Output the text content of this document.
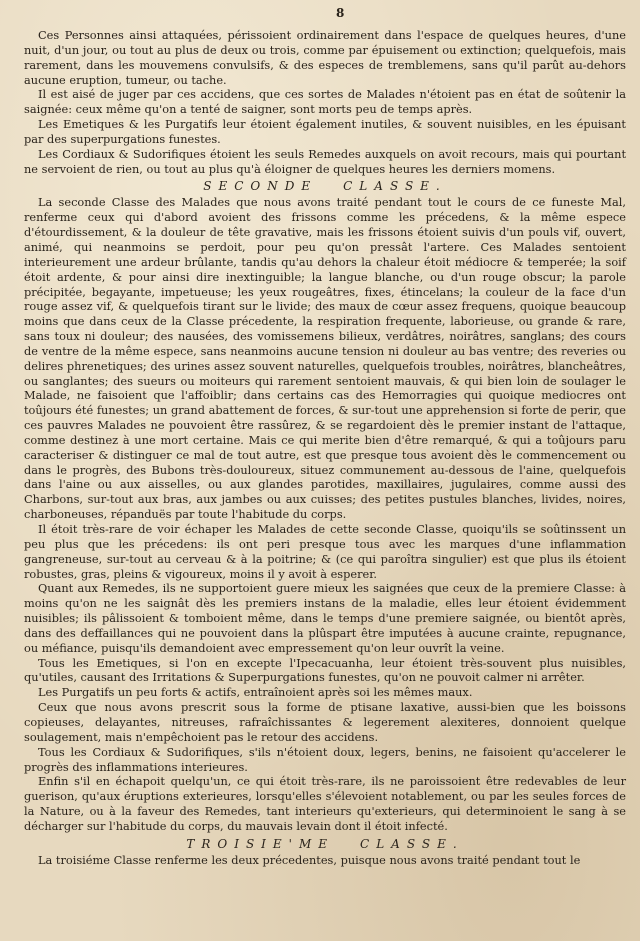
8

Ces Personnes ainsi attaquées, périssoient ordinairement dans l'espace de quelques heures, d'une nuit, d'un jour, ou tout au plus de deux ou trois, comme par épuisement ou extinction; quelquefois, mais rarement, dans les mouvemens convulsifs, & des especes de tremblemens, sans qu'il parût au-dehors aucune eruption, tumeur, ou tache.

Il est aisé de juger par ces accidens, que ces sortes de Malades n'étoient pas en état de soûtenir la saignée: ceux même qu'on a tenté de saigner, sont morts peu de temps après.

Les Emetiques & les Purgatifs leur étoient également inutiles, & souvent nuisibles, en les épuisant par des superpurgations funestes.

Les Cordiaux & Sudorifiques étoient les seuls Remedes auxquels on avoit recours, mais qui pourtant ne servoient de rien, ou tout au plus qu'à éloigner de quelques heures les derniers momens.

SECONDE CLASSE.

La seconde Classe des Malades que nous avons traité pendant tout le cours de ce funeste Mal, renferme ceux qui d'abord avoient des frissons comme les précedens, & la même espece d'étourdissement, & la douleur de tête gravative, mais les frissons étoient suivis d'un pouls vif, ouvert, animé, qui neanmoins se perdoit, pour peu qu'on pressât l'artere. Ces Malades sentoient interieurement une ardeur brûlante, tandis qu'au dehors la chaleur étoit médiocre & temperée; la soif étoit ardente, & pour ainsi dire inextinguible; la langue blanche, ou d'un rouge obscur; la parole précipitée, begayante, impetueuse; les yeux rougeâtres, fixes, étincelans; la couleur de la face d'un rouge assez vif, & quelquefois tirant sur le livide; des maux de cœur assez frequens, quoique beaucoup moins que dans ceux de la Classe précedente, la respiration frequente, laborieuse, ou grande & rare, sans toux ni douleur; des nausées, des vomissemens bilieux, verdâtres, noirâtres, sanglans; des cours de ventre de la même espece, sans neanmoins aucune tension ni douleur au bas ventre; des reveries ou delires phrenetiques; des urines assez souvent naturelles, quelquefois troubles, noirâtres, blancheâtres, ou sanglantes; des sueurs ou moiteurs qui rarement sentoient mauvais, & qui bien loin de soulager le Malade, ne faisoient que l'affoiblir; dans certains cas des Hemorragies qui quoique mediocres ont toûjours été funestes; un grand abattement de forces, & sur-tout une apprehension si forte de perir, que ces pauvres Malades ne pouvoient être rassûrez, & se regardoient dès le premier instant de l'attaque, comme destinez à une mort certaine. Mais ce qui merite bien d'être remarqué, & qui a toûjours paru caracteriser & distinguer ce mal de tout autre, est que presque tous avoient dès le commencement ou dans le progrès, des Bubons très-douloureux, situez communement au-dessous de l'aine, quelquefois dans l'aine ou aux aisselles, ou aux glandes parotides, maxillaires, jugulaires, comme aussi des Charbons, sur-tout aux bras, aux jambes ou aux cuisses; des petites pustules blanches, livides, noires, charboneuses, répanduës par toute l'habitude du corps.

Il étoit très-rare de voir échaper les Malades de cette seconde Classe, quoiqu'ils se soûtinssent un peu plus que les précedens: ils ont peri presque tous avec les marques d'une inflammation gangreneuse, sur-tout au cerveau & à la poitrine; & (ce qui paroîtra singulier) est que plus ils étoient robustes, gras, pleins & vigoureux, moins il y avoit à esperer.

Quant aux Remedes, ils ne supportoient guere mieux les saignées que ceux de la premiere Classe: à moins qu'on ne les saignât dès les premiers instans de la maladie, elles leur étoient évidemment nuisibles; ils pâlissoient & tomboient même, dans le temps d'une premiere saignée, ou bientôt après, dans des deffaillances qui ne pouvoient dans la plûspart être imputées à aucune crainte, repugnance, ou méfiance, puisqu'ils demandoient avec empressement qu'on leur ouvrît la veine.

Tous les Emetiques, si l'on en excepte l'Ipecacuanha, leur étoient très-souvent plus nuisibles, qu'utiles, causant des Irritations & Superpurgations funestes, qu'on ne pouvoit calmer ni arrêter.

Les Purgatifs un peu forts & actifs, entraînoient après soi les mêmes maux.

Ceux que nous avons prescrit sous la forme de ptisane laxative, aussi-bien que les boissons copieuses, delayantes, nitreuses, rafraîchissantes & legerement alexiteres, donnoient quelque soulagement, mais n'empêchoient pas le retour des accidens.

Tous les Cordiaux & Sudorifiques, s'ils n'étoient doux, legers, benins, ne faisoient qu'accelerer le progrès des inflammations interieures.

Enfin s'il en échapoit quelqu'un, ce qui étoit très-rare, ils ne paroissoient être redevables de leur guerison, qu'aux éruptions exterieures, lorsqu'elles s'élevoient notablement, ou par les seules forces de la Nature, ou à la faveur des Remedes, tant interieurs qu'exterieurs, qui determinoient le sang à se décharger sur l'habitude du corps, du mauvais levain dont il étoit infecté.

TROISIE'ME CLASSE.

La troisiéme Classe renferme les deux précedentes, puisque nous avons traité pendant tout le
